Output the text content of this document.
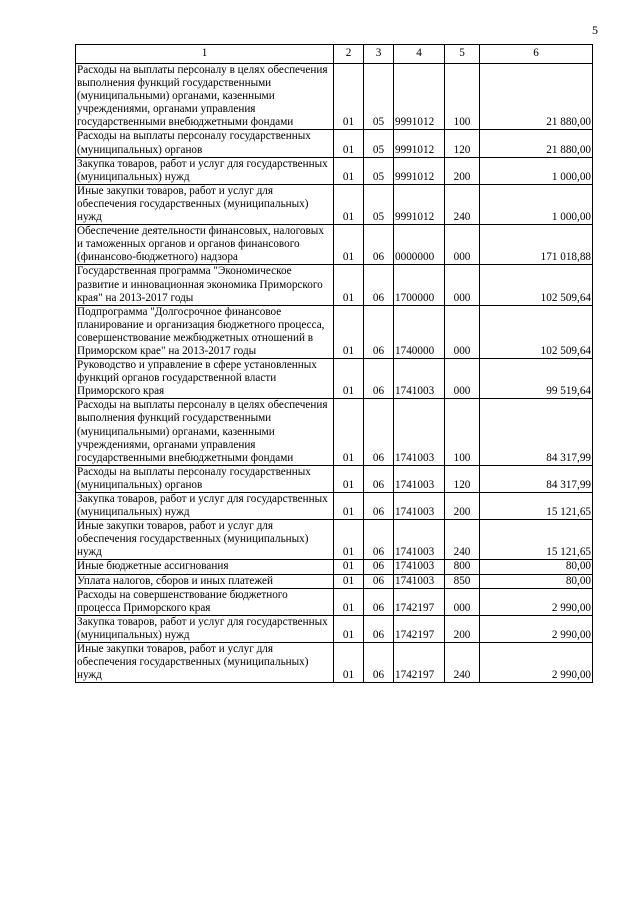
5
1	2	3	4	5	6
Расходы на выплаты персоналу в целях обеспечения выполнения функций государственными (муниципальными) органами, казенными учреждениями, органами управления государственными внебюджетными фондами	01	05	9991012	100	21 880,00
Расходы на выплаты персоналу государственных (муниципальных) органов	01	05	9991012	120	21 880,00
Закупка товаров, работ и услуг для государственных (муниципальных) нужд	01	05	9991012	200	1 000,00
Иные закупки товаров, работ и услуг для обеспечения государственных (муниципальных) нужд	01	05	9991012	240	1 000,00
Обеспечение деятельности финансовых, налоговых и таможенных органов и органов финансового (финансово-бюджетного) надзора	01	06	0000000	000	171 018,88
Государственная программа "Экономическое развитие и инновационная экономика Приморского края" на 2013-2017 годы	01	06	1700000	000	102 509,64
Подпрограмма "Долгосрочное финансовое планирование и организация бюджетного процесса, совершенствование межбюджетных отношений в Приморском крае" на 2013-2017 годы	01	06	1740000	000	102 509,64
Руководство и управление в сфере установленных функций органов государственной власти Приморского края	01	06	1741003	000	99 519,64
Расходы на выплаты персоналу в целях обеспечения выполнения функций государственными (муниципальными) органами, казенными учреждениями, органами управления государственными внебюджетными фондами	01	06	1741003	100	84 317,99
Расходы на выплаты персоналу государственных (муниципальных) органов	01	06	1741003	120	84 317,99
Закупка товаров, работ и услуг для государственных (муниципальных) нужд	01	06	1741003	200	15 121,65
Иные закупки товаров, работ и услуг для обеспечения государственных (муниципальных) нужд	01	06	1741003	240	15 121,65
Иные бюджетные ассигнования	01	06	1741003	800	80,00
Уплата налогов, сборов и иных платежей	01	06	1741003	850	80,00
Расходы на совершенствование бюджетного процесса Приморского края	01	06	1742197	000	2 990,00
Закупка товаров, работ и услуг для государственных (муниципальных) нужд	01	06	1742197	200	2 990,00
Иные закупки товаров, работ и услуг для обеспечения государственных (муниципальных) нужд	01	06	1742197	240	2 990,00
